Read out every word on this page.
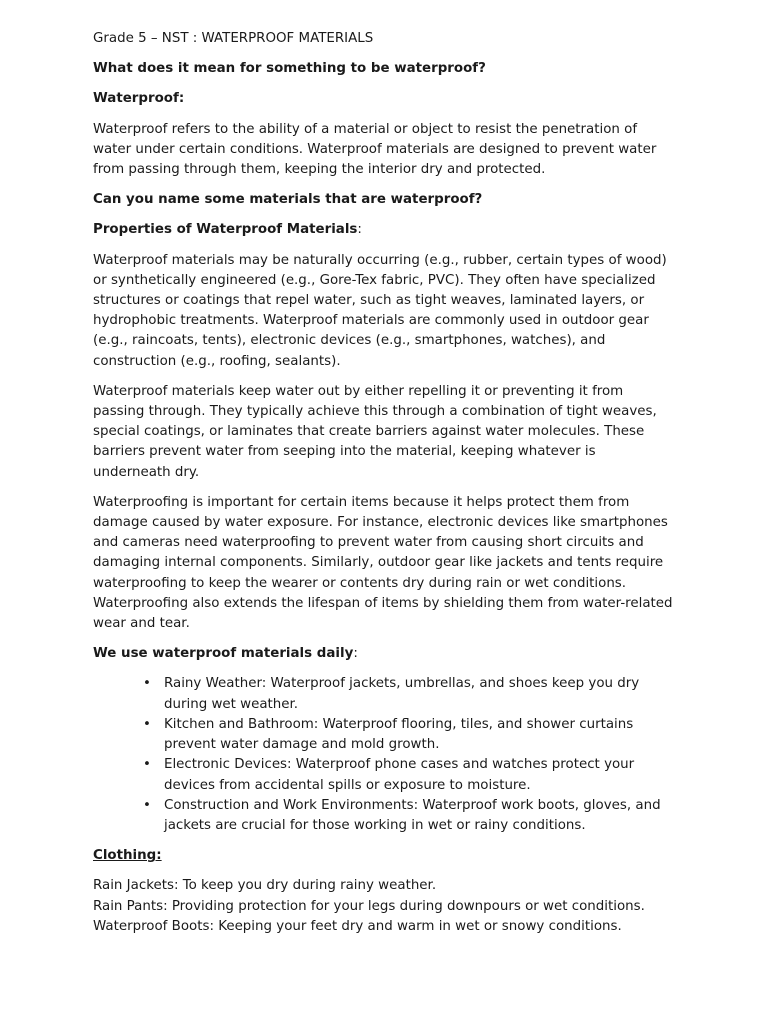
Grade 5 – NST : WATERPROOF MATERIALS
What does it mean for something to be waterproof?
Waterproof:
Waterproof refers to the ability of a material or object to resist the penetration of water under certain conditions. Waterproof materials are designed to prevent water from passing through them, keeping the interior dry and protected.
Can you name some materials that are waterproof?
Properties of Waterproof Materials:
Waterproof materials may be naturally occurring (e.g., rubber, certain types of wood) or synthetically engineered (e.g., Gore-Tex fabric, PVC). They often have specialized structures or coatings that repel water, such as tight weaves, laminated layers, or hydrophobic treatments. Waterproof materials are commonly used in outdoor gear (e.g., raincoats, tents), electronic devices (e.g., smartphones, watches), and construction (e.g., roofing, sealants).
Waterproof materials keep water out by either repelling it or preventing it from passing through. They typically achieve this through a combination of tight weaves, special coatings, or laminates that create barriers against water molecules. These barriers prevent water from seeping into the material, keeping whatever is underneath dry.
Waterproofing is important for certain items because it helps protect them from damage caused by water exposure. For instance, electronic devices like smartphones and cameras need waterproofing to prevent water from causing short circuits and damaging internal components. Similarly, outdoor gear like jackets and tents require waterproofing to keep the wearer or contents dry during rain or wet conditions. Waterproofing also extends the lifespan of items by shielding them from water-related wear and tear.
We use waterproof materials daily:
• Rainy Weather: Waterproof jackets, umbrellas, and shoes keep you dry during wet weather.
• Kitchen and Bathroom: Waterproof flooring, tiles, and shower curtains prevent water damage and mold growth.
• Electronic Devices: Waterproof phone cases and watches protect your devices from accidental spills or exposure to moisture.
• Construction and Work Environments: Waterproof work boots, gloves, and jackets are crucial for those working in wet or rainy conditions.
Clothing:
Rain Jackets: To keep you dry during rainy weather.
Rain Pants: Providing protection for your legs during downpours or wet conditions.
Waterproof Boots: Keeping your feet dry and warm in wet or snowy conditions.
